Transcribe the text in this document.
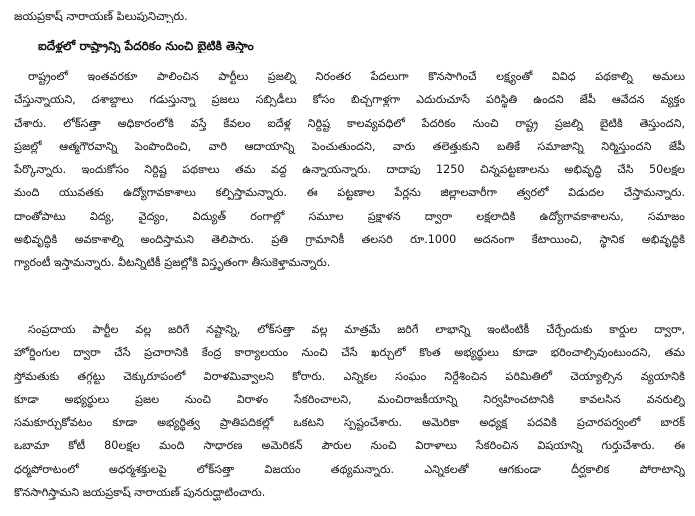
జయప్రకాష్ నారాయణ్ పిలుపునిచ్చారు.
ఐదేళ్లలో రాష్ట్రాన్ని పేదరికం నుంచి బైటికి తెస్తాం
రాష్ట్రంలో ఇంతవరకూ పాలించిన పార్టీలు ప్రజల్ని నిరంతర పేదలుగా కొనసాగించే లక్ష్యంతో వివిధ పథకాల్ని అమలు
చేస్తున్నాయని, దశాబ్దాలు గడుస్తున్నా ప్రజలు సబ్సిడీలు కోసం బిచ్చగాళ్లగా ఎదురుచూసే పరిస్థితి ఉందని జేపీ ఆవేదన వ్యక్తం
చేశారు. లోక్‌సత్తా అధికారంలోకి వస్తే కేవలం ఐదేళ్ల నిర్దిష్ట కాలవ్యవధిలో పేదరికం నుంచి రాష్ట్ర ప్రజల్ని బైటికి తెస్తుందని,
ప్రజల్లో ఆత్మగౌరవాన్ని పెంపొందించి, వారి ఆదాయాన్ని పెంచుతుందని, వారు తలెత్తుకుని బతికే సమాజాన్ని నిర్మిస్తుందని జేపీ
పేర్కొన్నారు. ఇందుకోసం నిర్దిష్ట పథకాలు తమ వద్ద ఉన్నాయన్నారు. దాదాపు 1250 చిన్నపట్టణాలను అభివృద్ధి చేసి 50లక్షల
మంది యువతకు ఉద్యోగావకాశాలు కల్పిస్తామన్నారు. ఈ పట్టణాల పేర్లను జిల్లాలవారీగా త్వరలో విడుదల చేస్తామన్నారు.
దాంతోపాటు విద్య, వైద్యం, విద్యుత్ రంగాల్లో సమూల ప్రక్షాళన ద్వారా లక్షలాదికి ఉద్యోగావకాశాలను, సమాజం
అభివృద్ధికి అవకాశాల్ని అందిస్తామని తెలిపారు. ప్రతి గ్రామానికీ తలసరి రూ.1000 అదనంగా కేటాయించి, స్థానిక అభివృద్ధికి
గ్యారంటీ ఇస్తామన్నారు. వీటన్నిటికీ ప్రజల్లోకి విస్తృతంగా తీసుకెళ్తామన్నారు.
సంప్రదాయ పార్టీల వల్ల జరిగే నష్టాన్ని, లోక్‌సత్తా వల్ల మాత్రమే జరిగే లాభాన్ని ఇంటింటికీ చేర్చేందుకు కార్డుల ద్వారా,
హోర్డింగుల ద్వారా చేసే ప్రచారానికి కేంద్ర కార్యాలయం నుంచి చేసే ఖర్చులో కొంత అభ్యర్థులు కూడా భరించాల్సివుంటుందని, తమ
స్తోమతుకు తగ్గట్టు చెక్కురూపంలో విరాళమివ్వాలని కోరారు. ఎన్నికల సంఘం నిర్దేశించిన పరిమితిలో చెయ్యాల్సిన వ్యయానికి
కూడా అభ్యర్థులు ప్రజల నుంచి విరాళం సేకరించాలని, మంచిరాజకీయాన్ని నిర్వహించటానికి కావలసిన వనరుల్ని
సమకూర్చుకోవటం కూడా అభ్యర్థిత్వ ప్రాతిపదికల్లో ఒకటని స్పష్టంచేశారు. అమెరికా అధ్యక్ష పదవికి ప్రచారపర్వంలో బారక్
ఒబామా కోటీ 80లక్షల మంది సాధారణ అమెరికన్ పౌరుల నుంచి విరాళాలు సేకరించిన విషయాన్ని గుర్తుచేశారు. ఈ
ధర్మపోరాటంలో అధర్మశక్తులపై లోక్‌సత్తా విజయం తథ్యమన్నారు. ఎన్నికలతో ఆగకుండా దీర్ఘకాలిక పోరాటాన్ని
కొనసాగిస్తామని జయప్రకాష్ నారాయణ్ పునరుద్ఘాటించారు.
